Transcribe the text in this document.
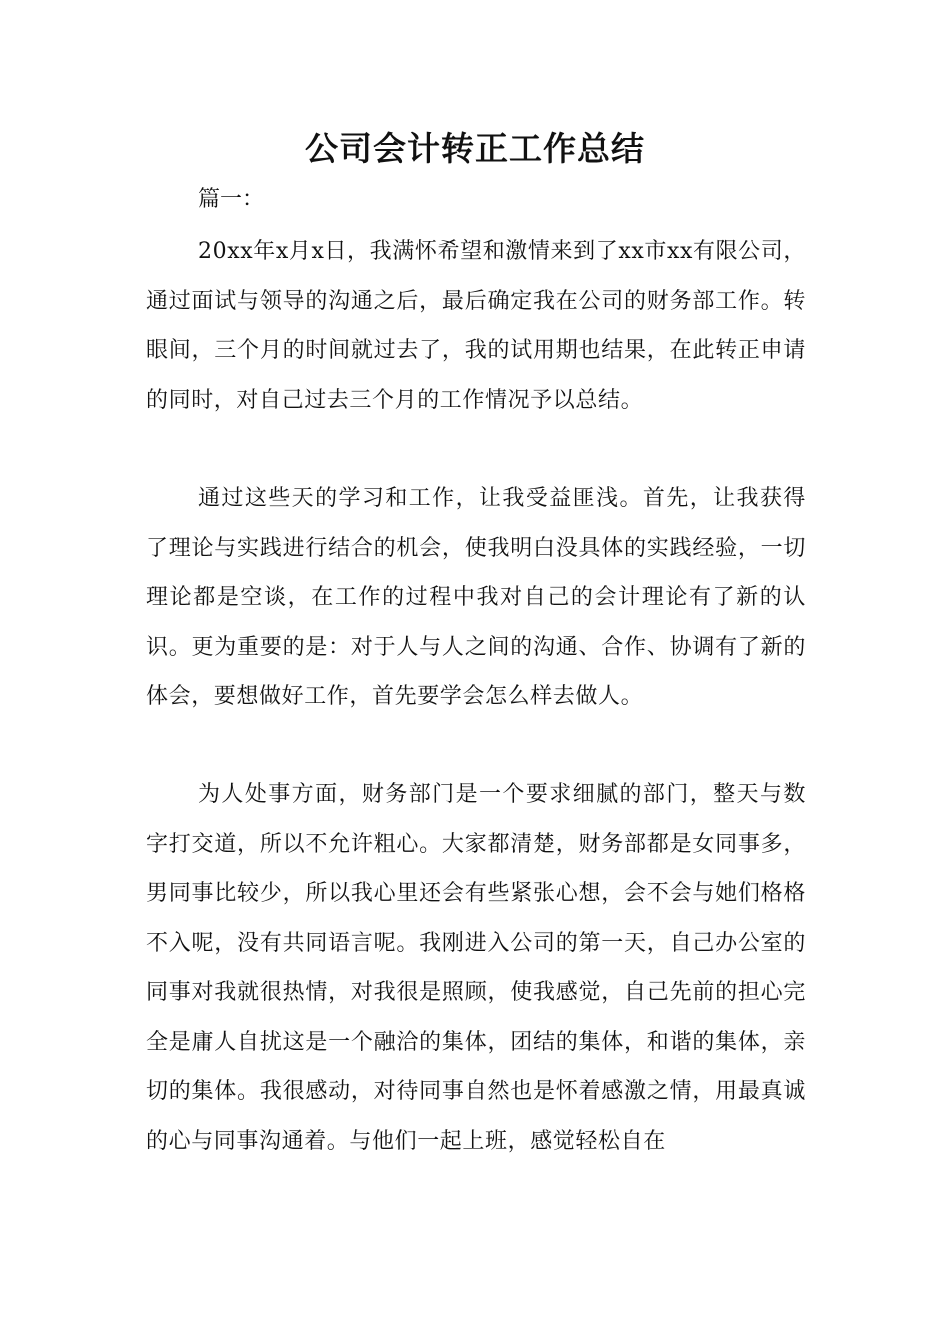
公司会计转正工作总结

篇一：

20xx年x月x日，我满怀希望和激情来到了xx市xx有限公司，通过面试与领导的沟通之后，最后确定我在公司的财务部工作。转眼间，三个月的时间就过去了，我的试用期也结果，在此转正申请的同时，对自己过去三个月的工作情况予以总结。

通过这些天的学习和工作，让我受益匪浅。首先，让我获得了理论与实践进行结合的机会，使我明白没具体的实践经验，一切理论都是空谈，在工作的过程中我对自己的会计理论有了新的认识。更为重要的是：对于人与人之间的沟通、合作、协调有了新的体会，要想做好工作，首先要学会怎么样去做人。

为人处事方面，财务部门是一个要求细腻的部门，整天与数字打交道，所以不允许粗心。大家都清楚，财务部都是女同事多，男同事比较少，所以我心里还会有些紧张心想，会不会与她们格格不入呢，没有共同语言呢。我刚进入公司的第一天，自己办公室的同事对我就很热情，对我很是照顾，使我感觉，自己先前的担心完全是庸人自扰这是一个融洽的集体，团结的集体，和谐的集体，亲切的集体。我很感动，对待同事自然也是怀着感激之情，用最真诚的心与同事沟通着。与他们一起上班，感觉轻松自在
